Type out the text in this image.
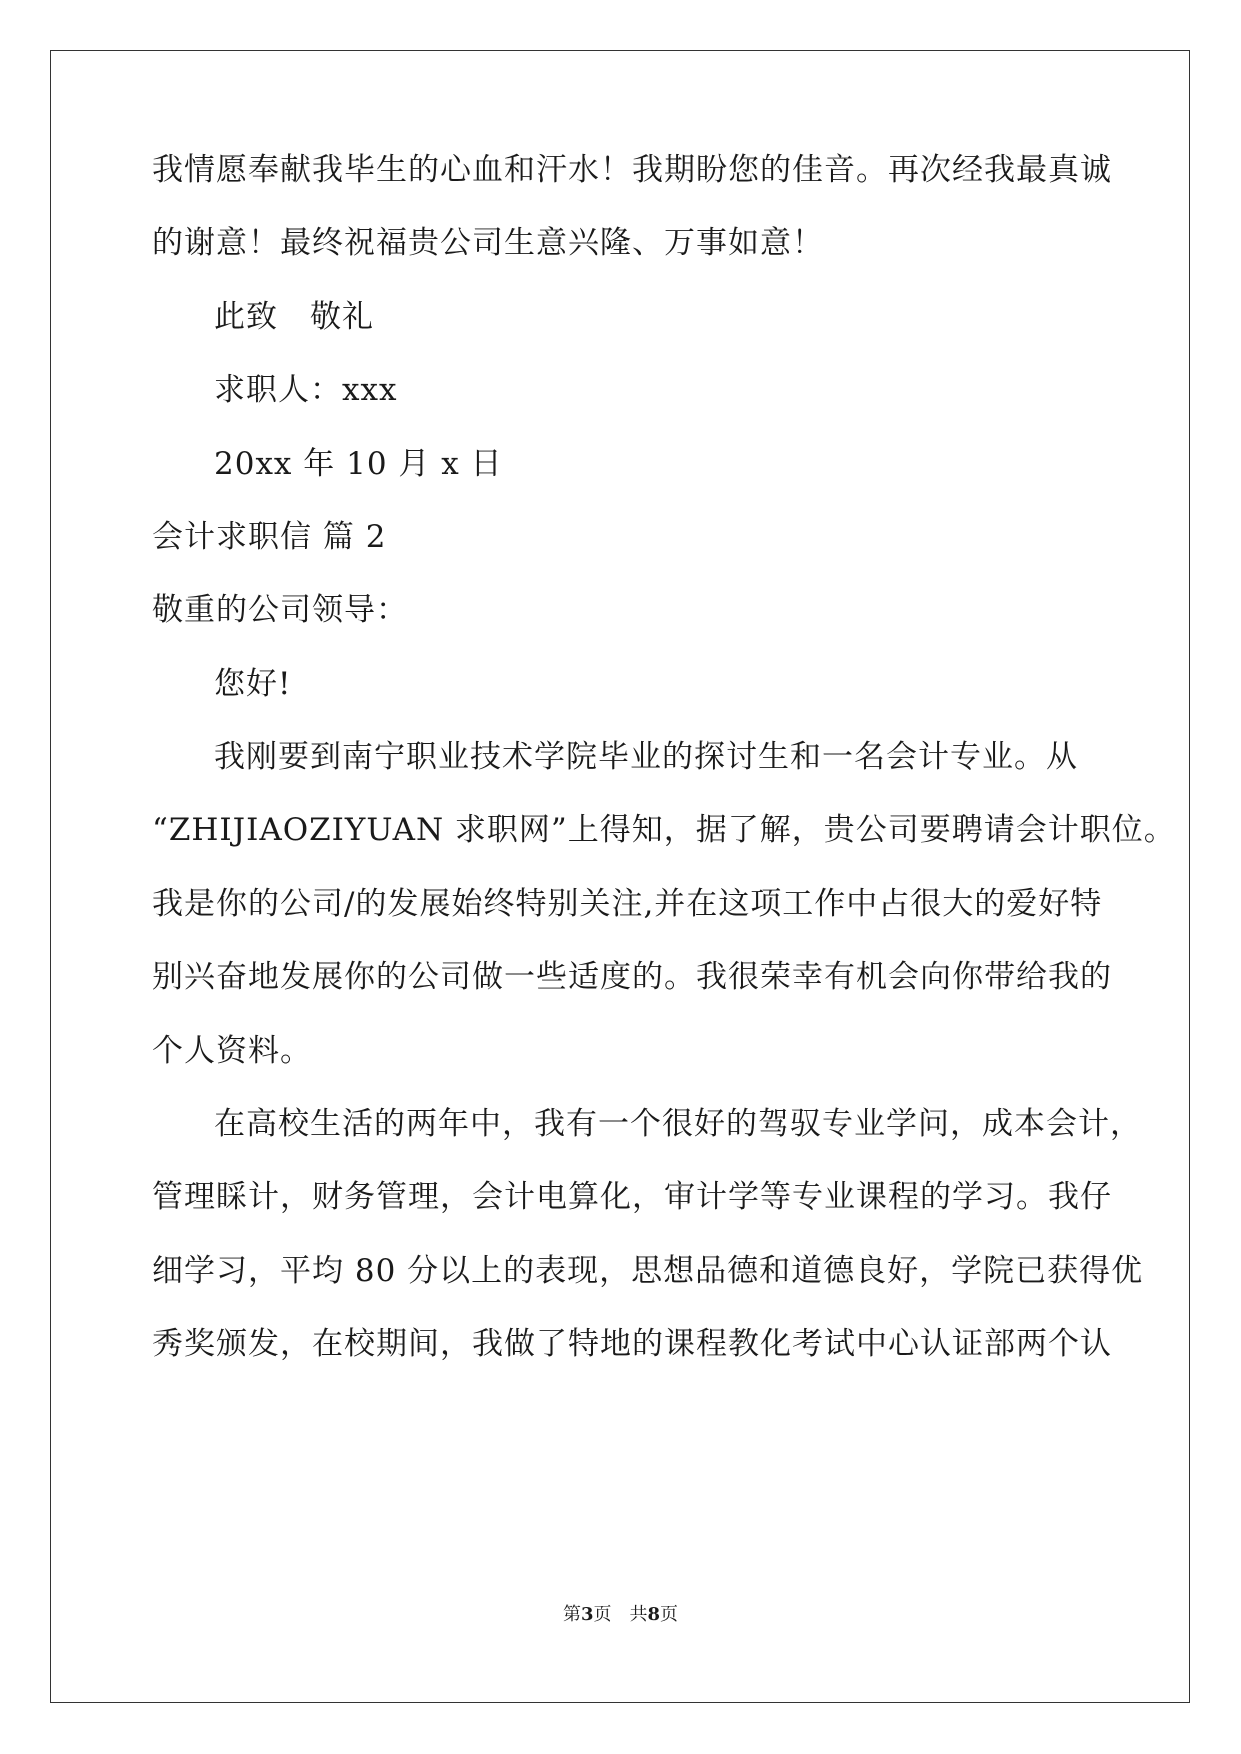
我情愿奉献我毕生的心血和汗水！我期盼您的佳音。再次经我最真诚
的谢意！最终祝福贵公司生意兴隆、万事如意！
此致　敬礼
求职人：xxx
20xx 年 10 月 x 日
会计求职信 篇 2
敬重的公司领导：
您好!
我刚要到南宁职业技术学院毕业的探讨生和一名会计专业。从
“ZHIJIAOZIYUAN 求职网”上得知，据了解，贵公司要聘请会计职位。
我是你的公司/的发展始终特别关注,并在这项工作中占很大的爱好特
别兴奋地发展你的公司做一些适度的。我很荣幸有机会向你带给我的
个人资料。
在高校生活的两年中，我有一个很好的驾驭专业学问，成本会计，
管理睬计，财务管理，会计电算化，审计学等专业课程的学习。我仔
细学习，平均 80 分以上的表现，思想品德和道德良好，学院已获得优
秀奖颁发，在校期间，我做了特地的课程教化考试中心认证部两个认
第3页　共8页
